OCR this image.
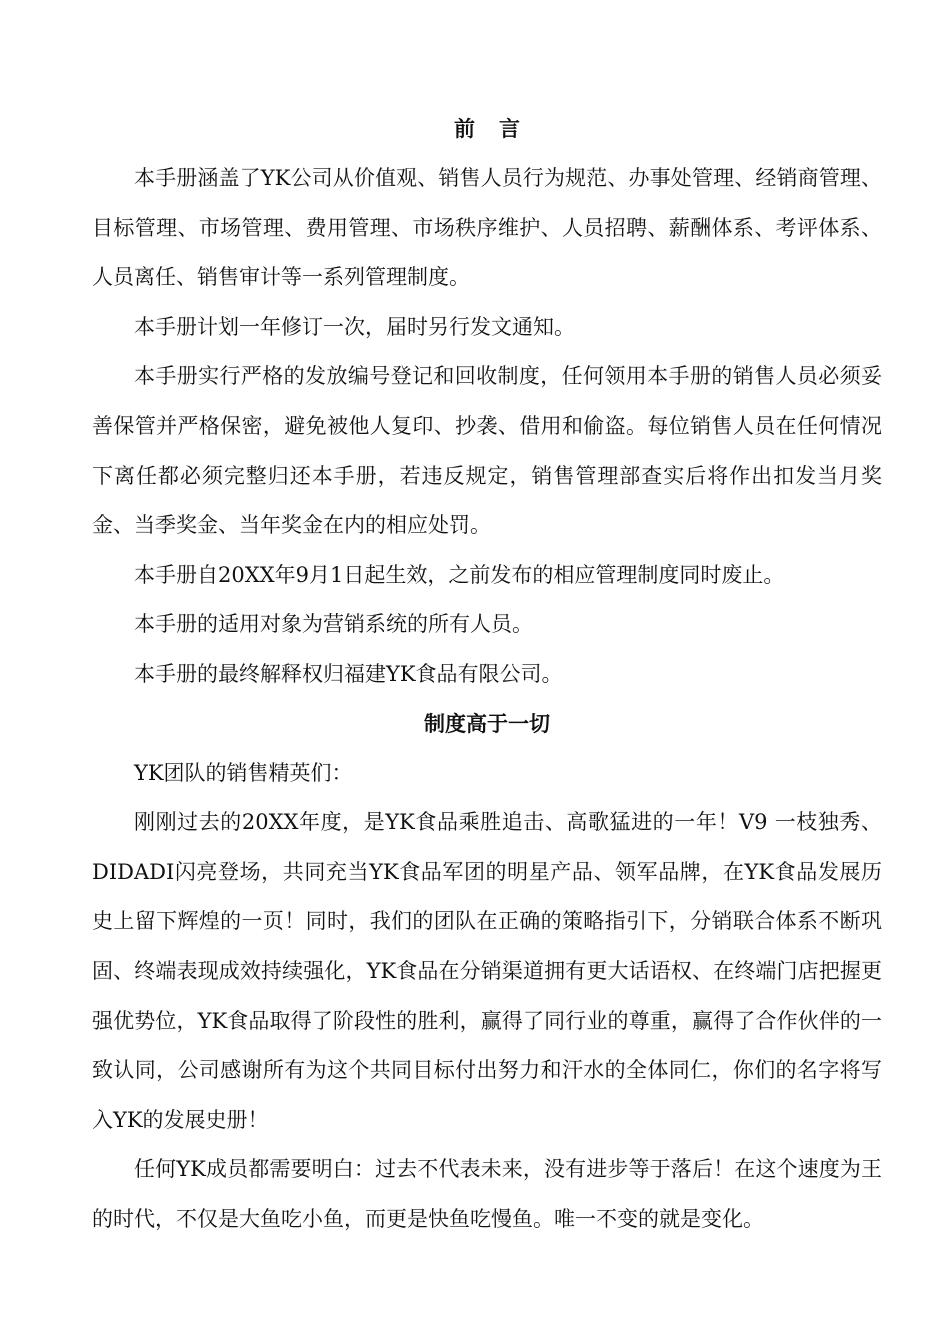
前言

本手册涵盖了YK公司从价值观、销售人员行为规范、办事处管理、经销商管理、目标管理、市场管理、费用管理、市场秩序维护、人员招聘、薪酬体系、考评体系、人员离任、销售审计等一系列管理制度。

本手册计划一年修订一次，届时另行发文通知。

本手册实行严格的发放编号登记和回收制度，任何领用本手册的销售人员必须妥善保管并严格保密，避免被他人复印、抄袭、借用和偷盗。每位销售人员在任何情况下离任都必须完整归还本手册，若违反规定，销售管理部查实后将作出扣发当月奖金、当季奖金、当年奖金在内的相应处罚。

本手册自20XX年9月1日起生效，之前发布的相应管理制度同时废止。

本手册的适用对象为营销系统的所有人员。

本手册的最终解释权归福建YK食品有限公司。

制度高于一切

YK团队的销售精英们：

刚刚过去的20XX年度，是YK食品乘胜追击、高歌猛进的一年！V9 一枝独秀、DIDADI闪亮登场，共同充当YK食品军团的明星产品、领军品牌，在YK食品发展历史上留下辉煌的一页！同时，我们的团队在正确的策略指引下，分销联合体系不断巩固、终端表现成效持续强化，YK食品在分销渠道拥有更大话语权、在终端门店把握更强优势位，YK食品取得了阶段性的胜利，赢得了同行业的尊重，赢得了合作伙伴的一致认同，公司感谢所有为这个共同目标付出努力和汗水的全体同仁，你们的名字将写入YK的发展史册！

任何YK成员都需要明白：过去不代表未来，没有进步等于落后！在这个速度为王的时代，不仅是大鱼吃小鱼，而更是快鱼吃慢鱼。唯一不变的就是变化。
